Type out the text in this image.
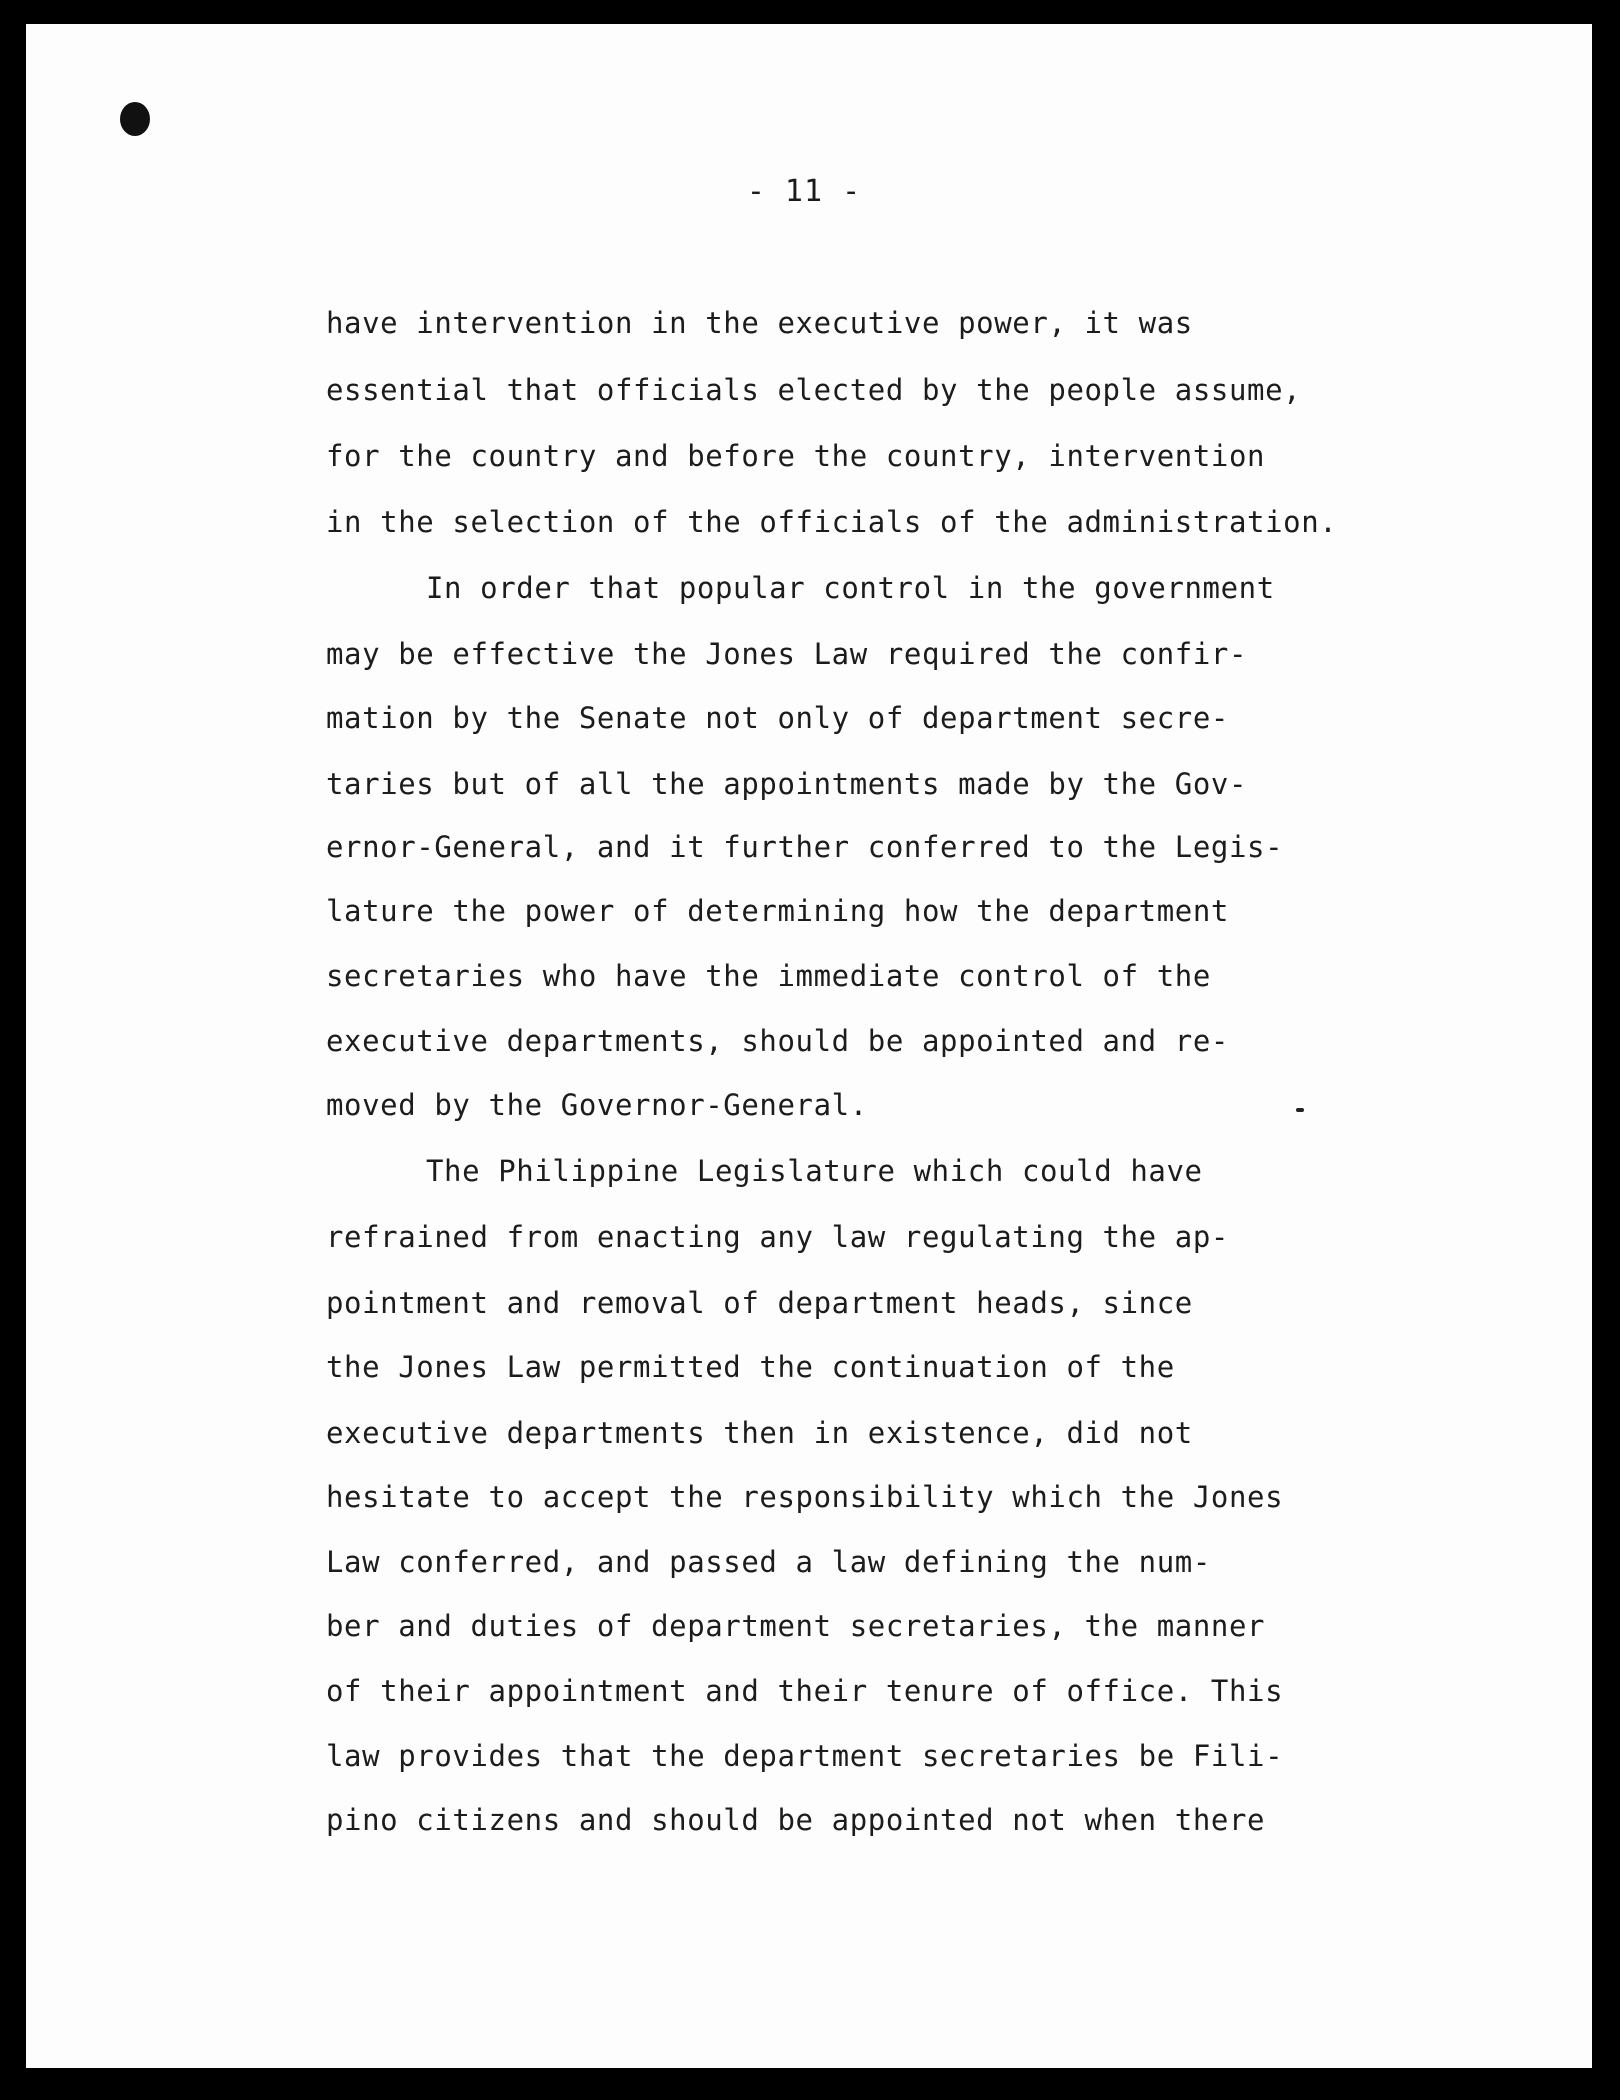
- 11 -
have intervention in the executive power, it was
essential that officials elected by the people assume,
for the country and before the country, intervention
in the selection of the officials of the administration.
In order that popular control in the government
may be effective the Jones Law required the confir-
mation by the Senate not only of department secre-
taries but of all the appointments made by the Gov-
ernor-General, and it further conferred to the Legis-
lature the power of determining how the department
secretaries who have the immediate control of the
executive departments, should be appointed and re-
moved by the Governor-General.
The Philippine Legislature which could have
refrained from enacting any law regulating the ap-
pointment and removal of department heads, since
the Jones Law permitted the continuation of the
executive departments then in existence, did not
hesitate to accept the responsibility which the Jones
Law conferred, and passed a law defining the num-
ber and duties of department secretaries, the manner
of their appointment and their tenure of office. This
law provides that the department secretaries be Fili-
pino citizens and should be appointed not when there
